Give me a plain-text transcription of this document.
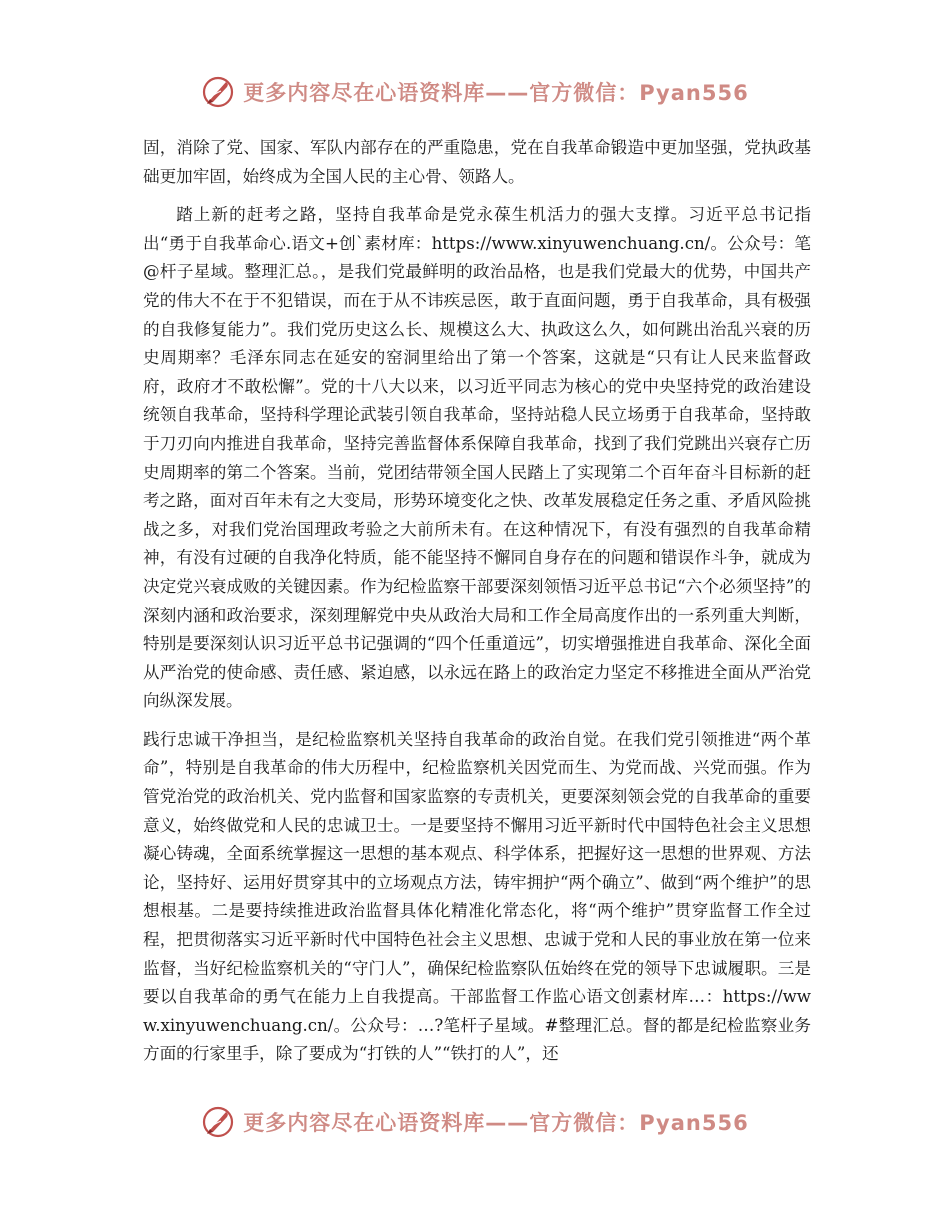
更多内容尽在心语资料库——官方微信：Pyan556

固，消除了党、国家、军队内部存在的严重隐患，党在自我革命锻造中更加坚强，党执政基础更加牢固，始终成为全国人民的主心骨、领路人。

踏上新的赶考之路，坚持自我革命是党永葆生机活力的强大支撑。习近平总书记指出“勇于自我革命心.语文+创`素材库：https://www.xinyuwenchuang.cn/。公众号：笔@杆子星域。整理汇总。，是我们党最鲜明的政治品格，也是我们党最大的优势，中国共产党的伟大不在于不犯错误，而在于从不讳疾忌医，敢于直面问题，勇于自我革命，具有极强的自我修复能力”。我们党历史这么长、规模这么大、执政这么久，如何跳出治乱兴衰的历史周期率？毛泽东同志在延安的窑洞里给出了第一个答案，这就是“只有让人民来监督政府，政府才不敢松懈”。党的十八大以来，以习近平同志为核心的党中央坚持党的政治建设统领自我革命，坚持科学理论武装引领自我革命，坚持站稳人民立场勇于自我革命，坚持敢于刀刃向内推进自我革命，坚持完善监督体系保障自我革命，找到了我们党跳出兴衰存亡历史周期率的第二个答案。当前，党团结带领全国人民踏上了实现第二个百年奋斗目标新的赶考之路，面对百年未有之大变局，形势环境变化之快、改革发展稳定任务之重、矛盾风险挑战之多，对我们党治国理政考验之大前所未有。在这种情况下，有没有强烈的自我革命精神，有没有过硬的自我净化特质，能不能坚持不懈同自身存在的问题和错误作斗争，就成为决定党兴衰成败的关键因素。作为纪检监察干部要深刻领悟习近平总书记“六个必须坚持”的深刻内涵和政治要求，深刻理解党中央从政治大局和工作全局高度作出的一系列重大判断，特别是要深刻认识习近平总书记强调的“四个任重道远”，切实增强推进自我革命、深化全面从严治党的使命感、责任感、紧迫感，以永远在路上的政治定力坚定不移推进全面从严治党向纵深发展。

践行忠诚干净担当，是纪检监察机关坚持自我革命的政治自觉。在我们党引领推进“两个革命”，特别是自我革命的伟大历程中，纪检监察机关因党而生、为党而战、兴党而强。作为管党治党的政治机关、党内监督和国家监察的专责机关，更要深刻领会党的自我革命的重要意义，始终做党和人民的忠诚卫士。一是要坚持不懈用习近平新时代中国特色社会主义思想凝心铸魂，全面系统掌握这一思想的基本观点、科学体系，把握好这一思想的世界观、方法论，坚持好、运用好贯穿其中的立场观点方法，铸牢拥护“两个确立”、做到“两个维护”的思想根基。二是要持续推进政治监督具体化精准化常态化，将“两个维护”贯穿监督工作全过程，把贯彻落实习近平新时代中国特色社会主义思想、忠诚于党和人民的事业放在第一位来监督，当好纪检监察机关的“守门人”，确保纪检监察队伍始终在党的领导下忠诚履职。三是要以自我革命的勇气在能力上自我提高。干部监督工作监心语文创素材库…：https://www.xinyuwenchuang.cn/。公众号：…?笔杆子星域。#整理汇总。督的都是纪检监察业务方面的行家里手，除了要成为“打铁的人”“铁打的人”，还

更多内容尽在心语资料库——官方微信：Pyan556
